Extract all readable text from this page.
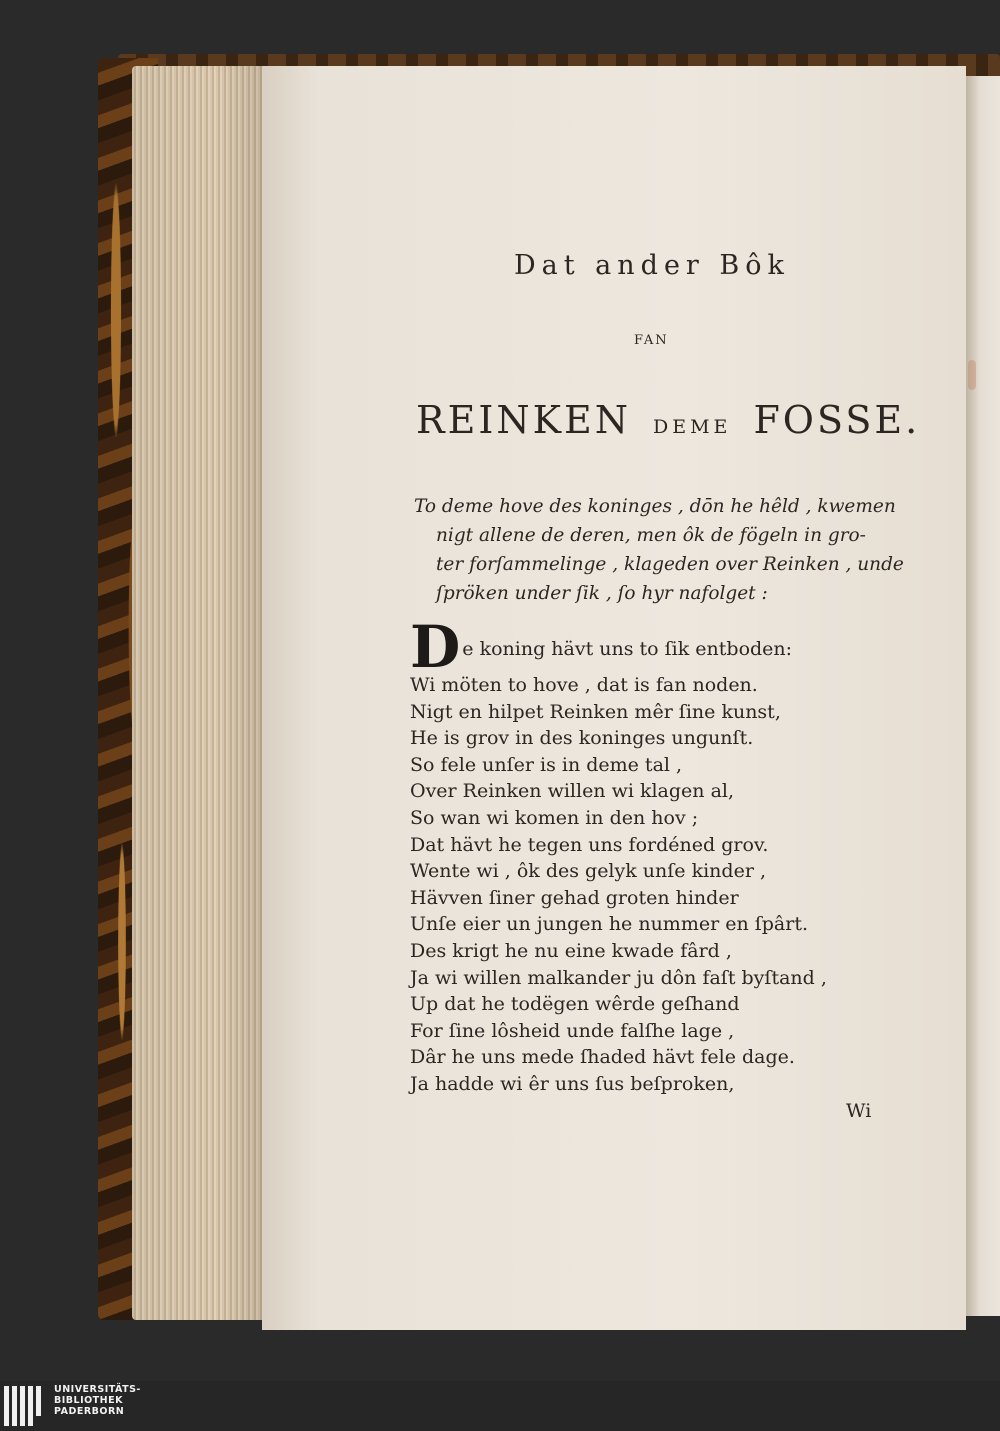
Dat ander Bôk
FAN
REINKEN DEME FOSSE.
To deme hove des koninges , dōn he hêld , kwemen
nigt allene de deren, men ôk de fögeln in gro-
ter forſammelinge , klageden over Reinken , unde
ſpröken under ſik , ſo hyr nafolget :
De koning hävt uns to ſik entboden:
Wi möten to hove , dat is fan noden.
Nigt en hilpet Reinken mêr ſine kunst,
He is grov in des koninges ungunſt.
So fele unſer is in deme tal ,
Over Reinken willen wi klagen al,
So wan wi komen in den hov ;
Dat hävt he tegen uns fordéned grov.
Wente wi , ôk des gelyk unſe kinder ,
Hävven ſiner gehad groten hinder
Unſe eier un jungen he nummer en ſpârt.
Des krigt he nu eine kwade fârd ,
Ja wi willen malkander ju dôn faſt byſtand ,
Up dat he todëgen wêrde geſhand
For ſine lôsheid unde falſhe lage ,
Dâr he uns mede ſhaded hävt fele dage.
Ja hadde wi êr uns ſus beſproken,
Wi
UNIVERSITÄTS-
BIBLIOTHEK
PADERBORN
